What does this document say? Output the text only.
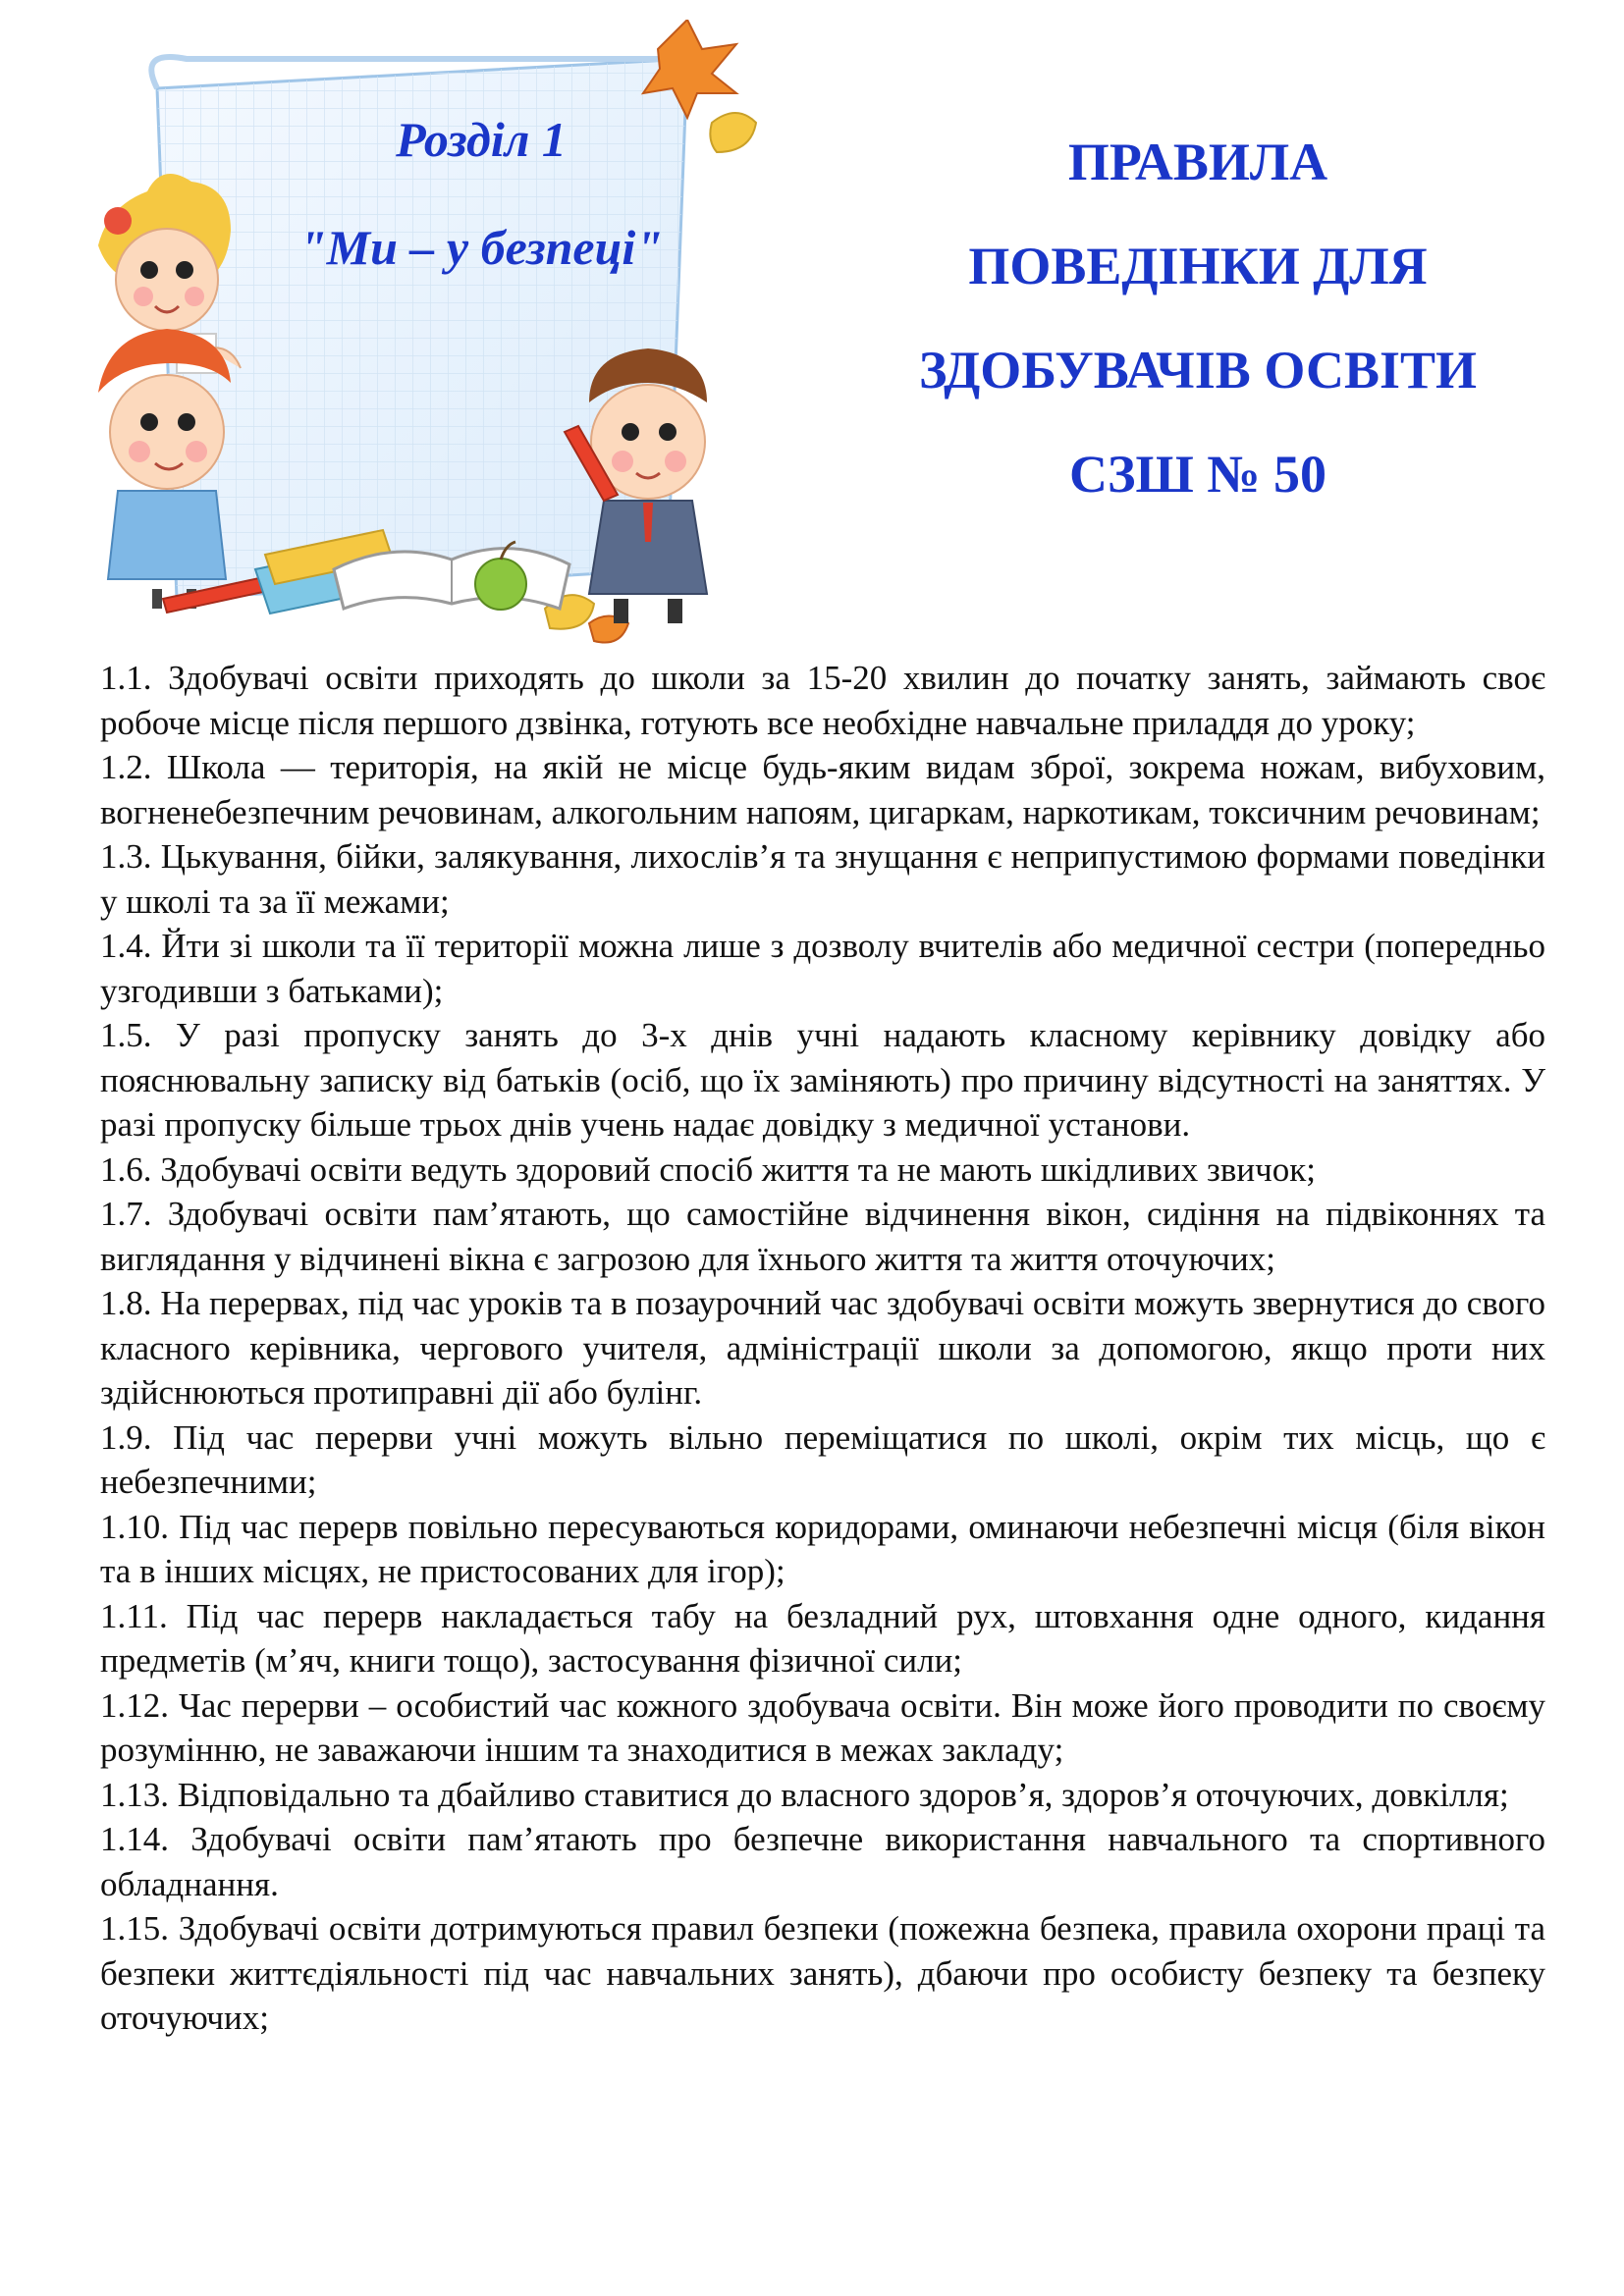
Розділ 1
"Ми – у безпеці"
ПРАВИЛА
ПОВЕДІНКИ ДЛЯ
ЗДОБУВАЧІВ ОСВІТИ
СЗШ № 50

1.1. Здобувачі освіти приходять до школи за 15-20 хвилин до початку занять, займають своє робоче місце після першого дзвінка, готують все необхідне навчальне приладдя до уроку;

1.2. Школа — територія, на якій не місце будь-яким видам зброї, зокрема ножам, вибуховим, вогненебезпечним речовинам, алкогольним напоям, цигаркам, наркотикам, токсичним речовинам;

1.3. Цькування, бійки, залякування, лихослів’я та знущання є неприпустимою формами поведінки у школі та за її межами;

1.4. Йти зі школи та її території можна лише з дозволу вчителів або медичної сестри (попередньо узгодивши з батьками);

1.5. У разі пропуску занять до 3-х днів учні надають класному керівнику довідку або пояснювальну записку від батьків (осіб, що їх заміняють) про причину відсутності на заняттях. У разі пропуску більше трьох днів учень надає довідку з медичної установи.

1.6. Здобувачі освіти ведуть здоровий спосіб життя та не мають шкідливих звичок;

1.7. Здобувачі освіти пам’ятають, що самостійне відчинення вікон, сидіння на підвіконнях та виглядання у відчинені вікна є загрозою для їхнього життя та життя оточуючих;

1.8. На перервах, під час уроків та в позаурочний час здобувачі освіти можуть звернутися до свого класного керівника, чергового учителя, адміністрації школи за допомогою, якщо проти них здійснюються протиправні дії або булінг.

1.9. Під час перерви учні можуть вільно переміщатися по школі, окрім тих місць, що є небезпечними;

1.10. Під час перерв повільно пересуваються коридорами, оминаючи небезпечні місця (біля вікон та в інших місцях, не пристосованих для ігор);

1.11. Під час перерв накладається табу на безладний рух, штовхання одне одного, кидання предметів (м’яч, книги тощо), застосування фізичної сили;

1.12. Час перерви – особистий час кожного здобувача освіти. Він може його проводити по своєму розумінню, не заважаючи іншим та знаходитися в межах закладу;

1.13. Відповідально та дбайливо ставитися до власного здоров’я, здоров’я оточуючих, довкілля;

1.14. Здобувачі освіти пам’ятають про безпечне використання навчального та спортивного обладнання.

1.15. Здобувачі освіти дотримуються правил безпеки (пожежна безпека, правила охорони праці та безпеки життєдіяльності під час навчальних занять), дбаючи про особисту безпеку та безпеку оточуючих;
